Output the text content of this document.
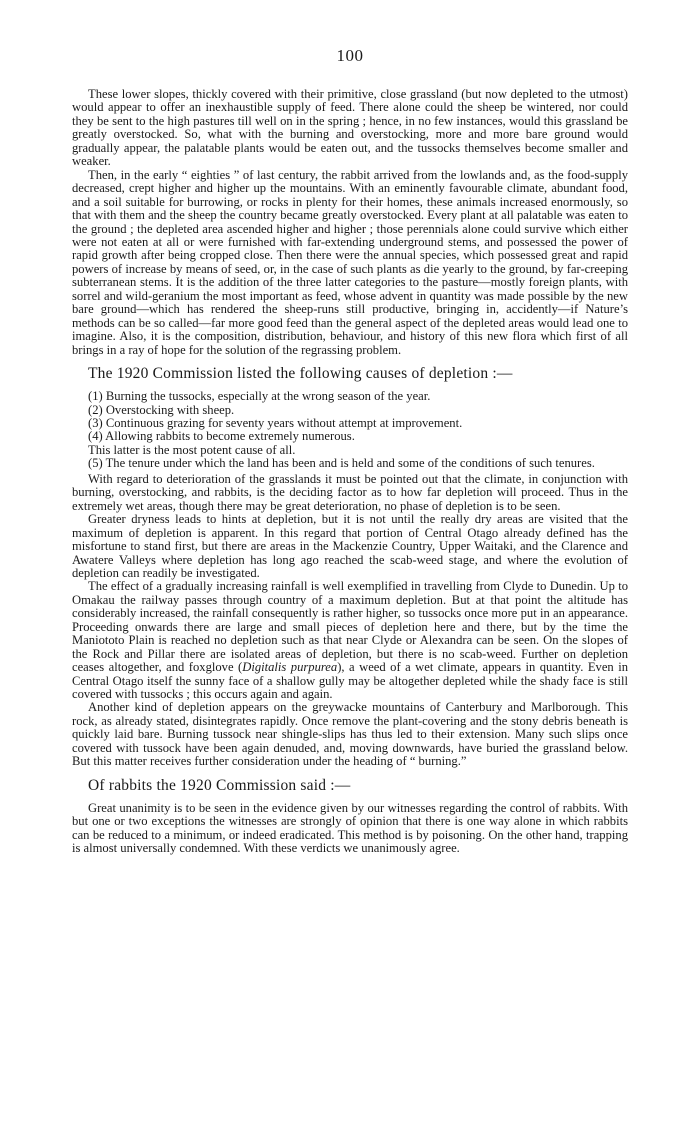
100

These lower slopes, thickly covered with their primitive, close grassland (but now depleted to the utmost) would appear to offer an inexhaustible supply of feed. There alone could the sheep be wintered, nor could they be sent to the high pastures till well on in the spring ; hence, in no few instances, would this grassland be greatly overstocked. So, what with the burning and overstocking, more and more bare ground would gradually appear, the palatable plants would be eaten out, and the tussocks themselves become smaller and weaker.

Then, in the early “ eighties ” of last century, the rabbit arrived from the lowlands and, as the food-supply decreased, crept higher and higher up the mountains. With an eminently favourable climate, abundant food, and a soil suitable for burrowing, or rocks in plenty for their homes, these animals increased enormously, so that with them and the sheep the country became greatly overstocked. Every plant at all palatable was eaten to the ground ; the depleted area ascended higher and higher ; those perennials alone could survive which either were not eaten at all or were furnished with far-extending underground stems, and possessed the power of rapid growth after being cropped close. Then there were the annual species, which possessed great and rapid powers of increase by means of seed, or, in the case of such plants as die yearly to the ground, by far-creeping subterranean stems. It is the addition of the three latter categories to the pasture—mostly foreign plants, with sorrel and wild-geranium the most important as feed, whose advent in quantity was made possible by the new bare ground—which has rendered the sheep-runs still productive, bringing in, accidently—if Nature’s methods can be so called—far more good feed than the general aspect of the depleted areas would lead one to imagine. Also, it is the composition, distribution, behaviour, and history of this new flora which first of all brings in a ray of hope for the solution of the regrassing problem.

The 1920 Commission listed the following causes of depletion :—

(1) Burning the tussocks, especially at the wrong season of the year.

(2) Overstocking with sheep.

(3) Continuous grazing for seventy years without attempt at improvement.

(4) Allowing rabbits to become extremely numerous.

This latter is the most potent cause of all.

(5) The tenure under which the land has been and is held and some of the conditions of such tenures.

With regard to deterioration of the grasslands it must be pointed out that the climate, in conjunction with burning, overstocking, and rabbits, is the deciding factor as to how far depletion will proceed. Thus in the extremely wet areas, though there may be great deterioration, no phase of depletion is to be seen.

Greater dryness leads to hints at depletion, but it is not until the really dry areas are visited that the maximum of depletion is apparent. In this regard that portion of Central Otago already defined has the misfortune to stand first, but there are areas in the Mackenzie Country, Upper Waitaki, and the Clarence and Awatere Valleys where depletion has long ago reached the scab-weed stage, and where the evolution of depletion can readily be investigated.

The effect of a gradually increasing rainfall is well exemplified in travelling from Clyde to Dunedin. Up to Omakau the railway passes through country of a maximum depletion. But at that point the altitude has considerably increased, the rainfall consequently is rather higher, so tussocks once more put in an appearance. Proceeding onwards there are large and small pieces of depletion here and there, but by the time the Maniototo Plain is reached no depletion such as that near Clyde or Alexandra can be seen. On the slopes of the Rock and Pillar there are isolated areas of depletion, but there is no scab-weed. Further on depletion ceases altogether, and foxglove (Digitalis purpurea), a weed of a wet climate, appears in quantity. Even in Central Otago itself the sunny face of a shallow gully may be altogether depleted while the shady face is still covered with tussocks ; this occurs again and again.

Another kind of depletion appears on the greywacke mountains of Canterbury and Marlborough. This rock, as already stated, disintegrates rapidly. Once remove the plant-covering and the stony debris beneath is quickly laid bare. Burning tussock near shingle-slips has thus led to their extension. Many such slips once covered with tussock have been again denuded, and, moving downwards, have buried the grassland below. But this matter receives further consideration under the heading of “ burning.”

Of rabbits the 1920 Commission said :—

Great unanimity is to be seen in the evidence given by our witnesses regarding the control of rabbits. With but one or two exceptions the witnesses are strongly of opinion that there is one way alone in which rabbits can be reduced to a minimum, or indeed eradicated. This method is by poisoning. On the other hand, trapping is almost universally condemned. With these verdicts we unanimously agree.
